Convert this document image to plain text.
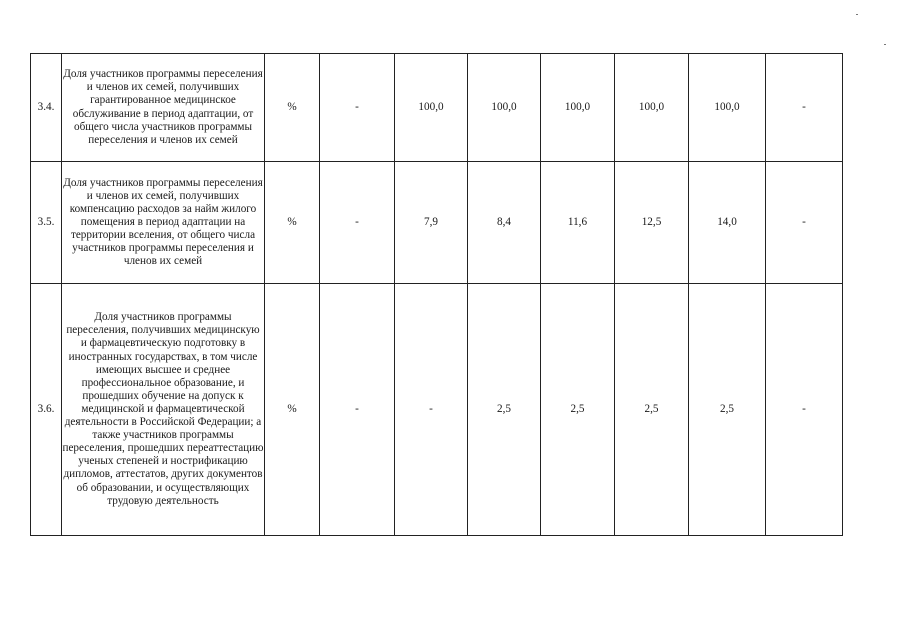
3.4.	Доля участников программы переселения и членов их семей, получивших гарантированное медицинское обслуживание в период адаптации, от общего числа участников программы переселения и членов их семей	%	-	100,0	100,0	100,0	100,0	100,0	-
3.5.	Доля участников программы переселения и членов их семей, получивших компенсацию расходов за найм жилого помещения в период адаптации на территории вселения, от общего числа участников программы переселения и членов их семей	%	-	7,9	8,4	11,6	12,5	14,0	-
3.6.	Доля участников программы переселения, получивших медицинскую и фармацевтическую подготовку в иностранных государствах, в том числе имеющих высшее и среднее профессиональное образование, и прошедших обучение на допуск к медицинской и фармацевтической деятельности в Российской Федерации; а также участников программы переселения, прошедших переаттестацию ученых степеней и нострификацию дипломов, аттестатов, других документов об образовании, и осуществляющих трудовую деятельность	%	-	-	2,5	2,5	2,5	2,5	-
